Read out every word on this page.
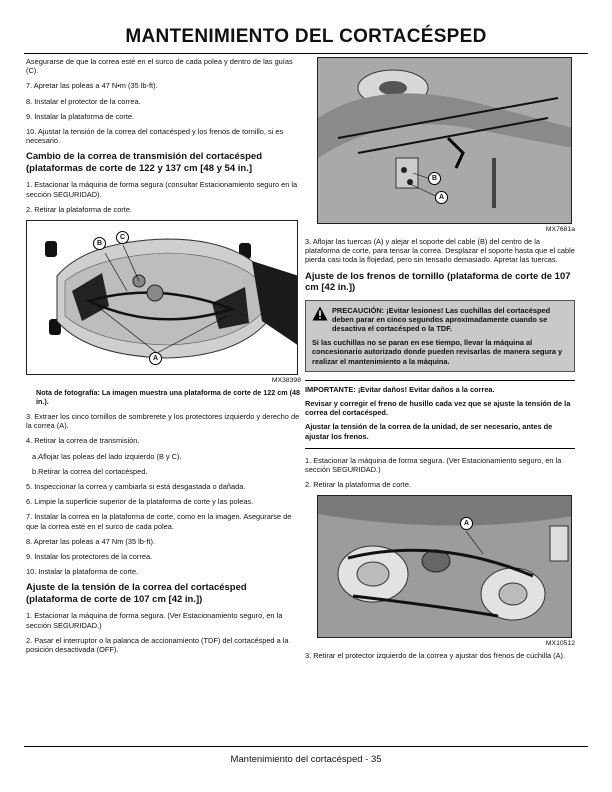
MANTENIMIENTO DEL CORTACÉSPED

Asegurarse de que la correa esté en el surco de cada polea y dentro de las guías (C).

7. Apretar las poleas a 47 N•m (35 lb-ft).

8. Instalar el protector de la correa.

9. Instalar la plataforma de corte.

10. Ajustar la tensión de la correa del cortacésped y los frenos de tornillo, si es necesario.

Cambio de la correa de transmisión del cortacésped (plataformas de corte de 122 y 137 cm [48 y 54 in.]

1. Estacionar la máquina de forma segura (consultar Estacionamiento seguro en la sección SEGURIDAD).

2. Retirar la plataforma de corte.

B
C
A
MX38398
Nota de fotografía: La imagen muestra una plataforma de corte de 122 cm (48 in.).

3. Extraer los cinco tornillos de sombrerete y los protectores izquierdo y derecho de la correa (A).

4. Retirar la correa de transmisión.

a.Aflojar las poleas del lado izquierdo (B y C).

b.Retirar la correa del cortacésped.

5. Inspeccionar la correa y cambiarla si está desgastada o dañada.

6. Limpie la superficie superior de la plataforma de corte y las poleas.

7. Instalar la correa en la plataforma de corte, como en la imagen. Asegurarse de que la correa esté en el surco de cada polea.

8. Apretar las poleas a 47 Nm (35 lb-ft).

9. Instalar los protectores de la correa.

10. Instalar la plataforma de corte.

Ajuste de la tensión de la correa del cortacésped (plataforma de corte de 107 cm [42 in.])

1. Estacionar la máquina de forma segura. (Ver Estacionamiento seguro, en la sección SEGURIDAD.)

2. Pasar el interruptor o la palanca de accionamiento (TDF) del cortacésped a la posición desactivada (OFF).

B
A
MX7681a

3. Aflojar las tuercas (A) y alejar el soporte del cable (B) del centro de la plataforma de corte, para tensar la correa. Desplazar el soporte hasta que el cable pierda casi toda la flojedad, pero sin tensarlo demasiado. Apretar las tuercas.

Ajuste de los frenos de tornillo (plataforma de corte de 107 cm [42 in.])

PRECAUCIÓN: ¡Evitar lesiones! Las cuchillas del cortacésped deben parar en cinco segundos aproximadamente cuando se desactiva el cortacésped o la TDF.

Si las cuchillas no se paran en ese tiempo, llevar la máquina al concesionario autorizado donde pueden revisarlas de manera segura y realizar el mantenimiento a la máquina.

IMPORTANTE: ¡Evitar daños! Evitar daños a la correa.

Revisar y corregir el freno de husillo cada vez que se ajuste la tensión de la correa del cortacésped.

Ajustar la tensión de la correa de la unidad, de ser necesario, antes de ajustar los frenos.

1. Estacionar la máquina de forma segura. (Ver Estacionamiento seguro, en la sección SEGURIDAD.)

2. Retirar la plataforma de corte.

A
MX10512

3. Retirar el protector izquierdo de la correa y ajustar dos frenos de cuchilla (A).

Mantenimiento del cortacésped - 35
